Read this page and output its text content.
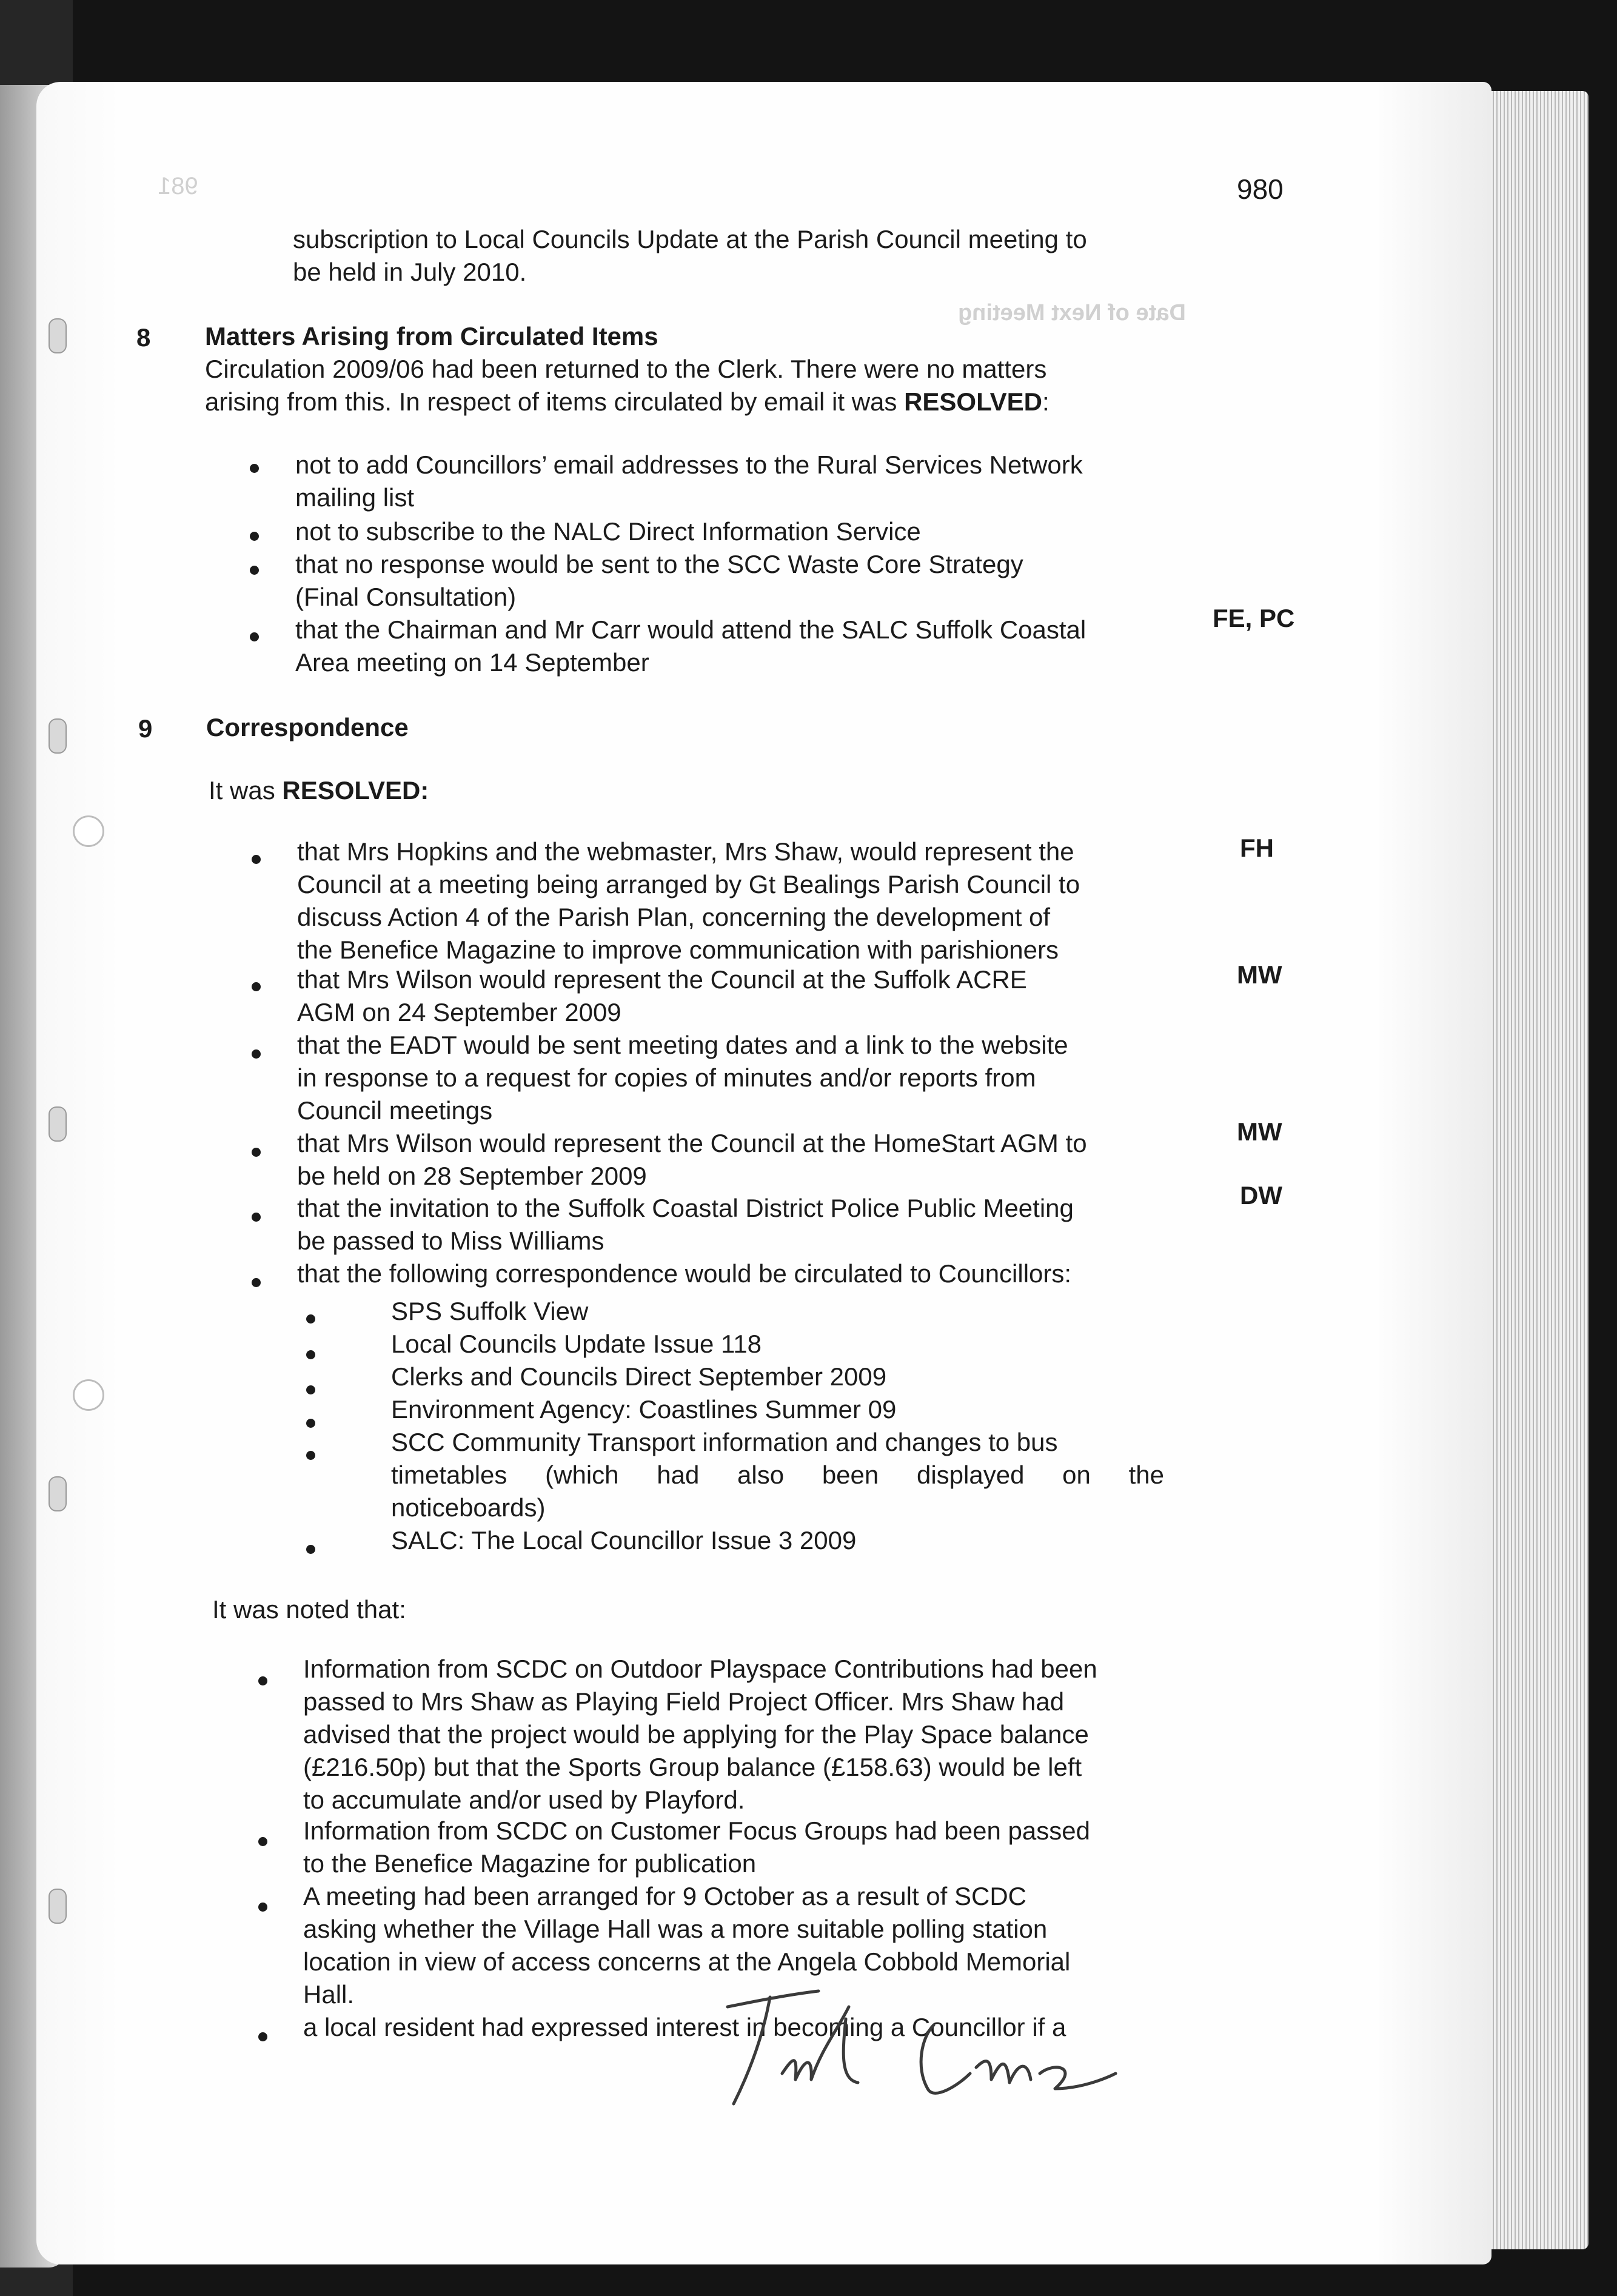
981
Date of Next Meeting
980
subscription to Local Councils Update at the Parish Council meeting to
be held in July 2010.
8 Matters Arising from Circulated Items
Circulation 2009/06 had been returned to the Clerk. There were no matters
arising from this. In respect of items circulated by email it was RESOLVED:
not to add Councillors’ email addresses to the Rural Services Network
mailing list
not to subscribe to the NALC Direct Information Service
that no response would be sent to the SCC Waste Core Strategy
(Final Consultation)
that the Chairman and Mr Carr would attend the SALC Suffolk Coastal
Area meeting on 14 September
FE, PC
9 Correspondence
It was RESOLVED:
that Mrs Hopkins and the webmaster, Mrs Shaw, would represent the
Council at a meeting being arranged by Gt Bealings Parish Council to
discuss Action 4 of the Parish Plan, concerning the development of
the Benefice Magazine to improve communication with parishioners
FH
that Mrs Wilson would represent the Council at the Suffolk ACRE
AGM on 24 September 2009
MW
that the EADT would be sent meeting dates and a link to the website
in response to a request for copies of minutes and/or reports from
Council meetings
that Mrs Wilson would represent the Council at the HomeStart AGM to
be held on 28 September 2009
MW
that the invitation to the Suffolk Coastal District Police Public Meeting
be passed to Miss Williams
DW
that the following correspondence would be circulated to Councillors:
SPS Suffolk View
Local Councils Update Issue 118
Clerks and Councils Direct September 2009
Environment Agency: Coastlines Summer 09
SCC Community Transport information and changes to bus
timetables (which had also been displayed on the
noticeboards)
SALC: The Local Councillor Issue 3 2009
It was noted that:
Information from SCDC on Outdoor Playspace Contributions had been
passed to Mrs Shaw as Playing Field Project Officer. Mrs Shaw had
advised that the project would be applying for the Play Space balance
(£216.50p) but that the Sports Group balance (£158.63) would be left
to accumulate and/or used by Playford.
Information from SCDC on Customer Focus Groups had been passed
to the Benefice Magazine for publication
A meeting had been arranged for 9 October as a result of SCDC
asking whether the Village Hall was a more suitable polling station
location in view of access concerns at the Angela Cobbold Memorial
Hall.
a local resident had expressed interest in becoming a Councillor if a
